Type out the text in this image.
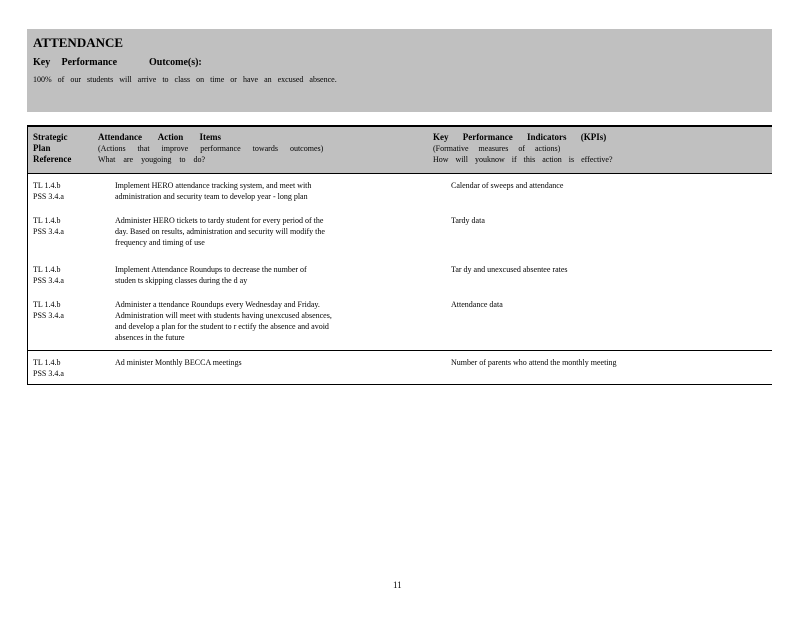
ATTENDANCE
Key Performance	Outcome(s):
100% of our students will arrive to class on time or have an excused absence.
Strategic
Plan
Reference
Attendance Action Items
(Actions that improve performance towards outcomes)
What are yougoing to do?
Key Performance Indicators (KPIs)
(Formative measures of actions)
How will youknow if this action is effective?
TL 1.4.b
PSS 3.4.a
Implement HERO attendance tracking system, and meet with
administration and security team to develop year - long plan
Calendar of sweeps and attendance
TL 1.4.b
PSS 3.4.a
Administer HERO tickets to tardy student for every period of the
day. Based on results, administration and security will modify the
frequency and timing of use
Tardy data
TL 1.4.b
PSS 3.4.a
Implement Attendance Roundups to decrease the number of
studen ts skipping classes during the d ay
Tar dy and unexcused absentee rates
TL 1.4.b
PSS 3.4.a
Administer a ttendance Roundups every Wednesday and Friday.
Administration will meet with students having unexcused absences,
and develop a plan for the student to r ectify the absence and avoid
absences in the future
Attendance data
TL 1.4.b
PSS 3.4.a
Ad minister Monthly BECCA meetings	Number of parents who attend the monthly meeting
11
